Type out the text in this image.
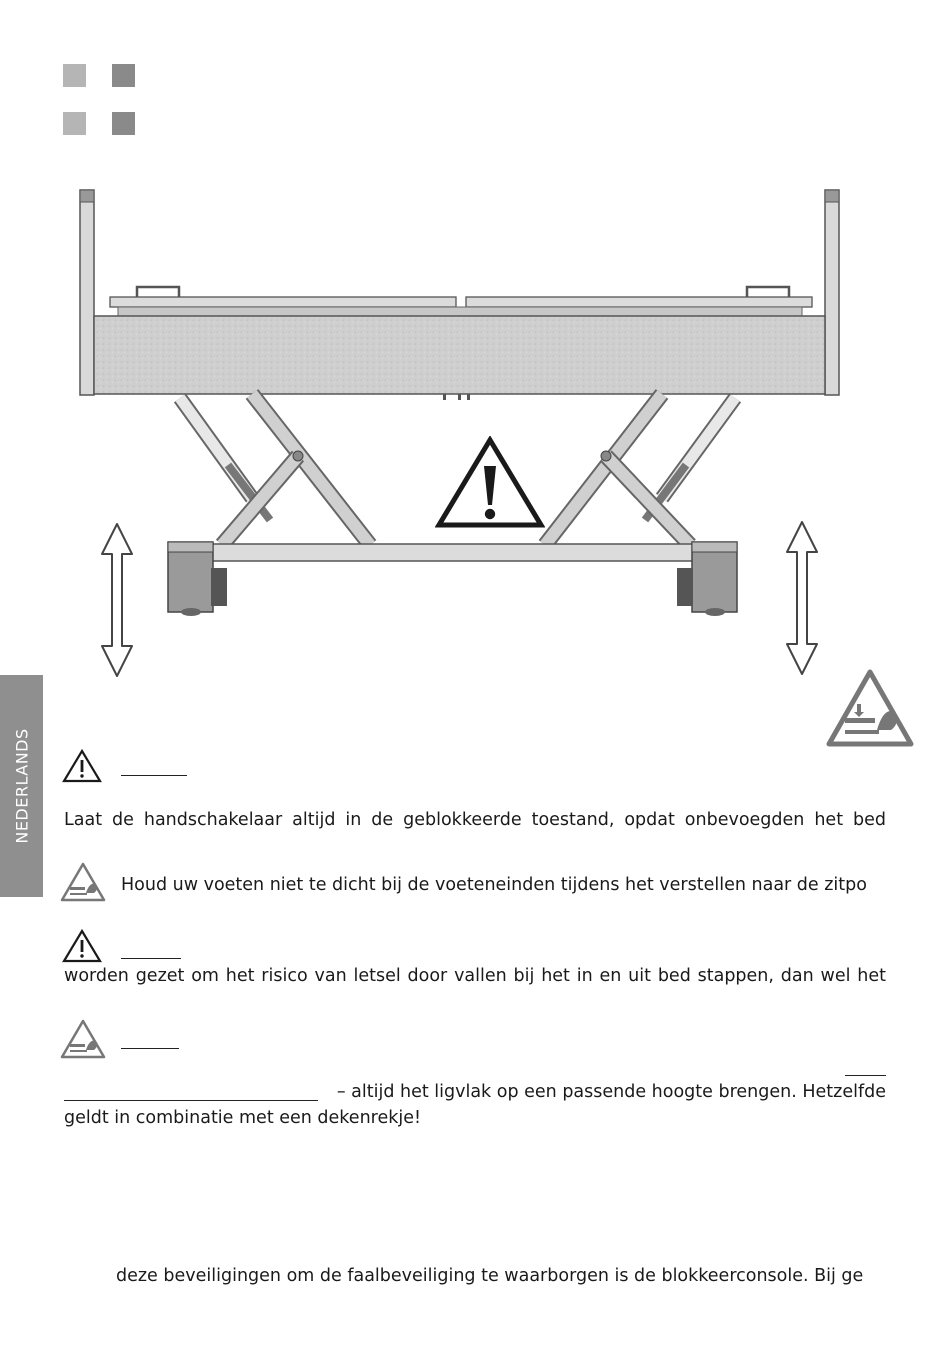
NEDERLANDS Laat de handschakelaar altijd in de geblokkeerde toestand, opdat onbevoegden het bed
Houd uw voeten niet te dicht bij de voeteneinden tijdens het verstellen naar de zitpo
worden gezet om het risico van letsel door vallen bij het in en uit bed stappen, dan wel het
– altijd het ligvlak op een passende hoogte brengen. Hetzelfde
geldt in combinatie met een dekenrekje!
deze beveiligingen om de faalbeveiliging te waarborgen is de blokkeerconsole. Bij ge
